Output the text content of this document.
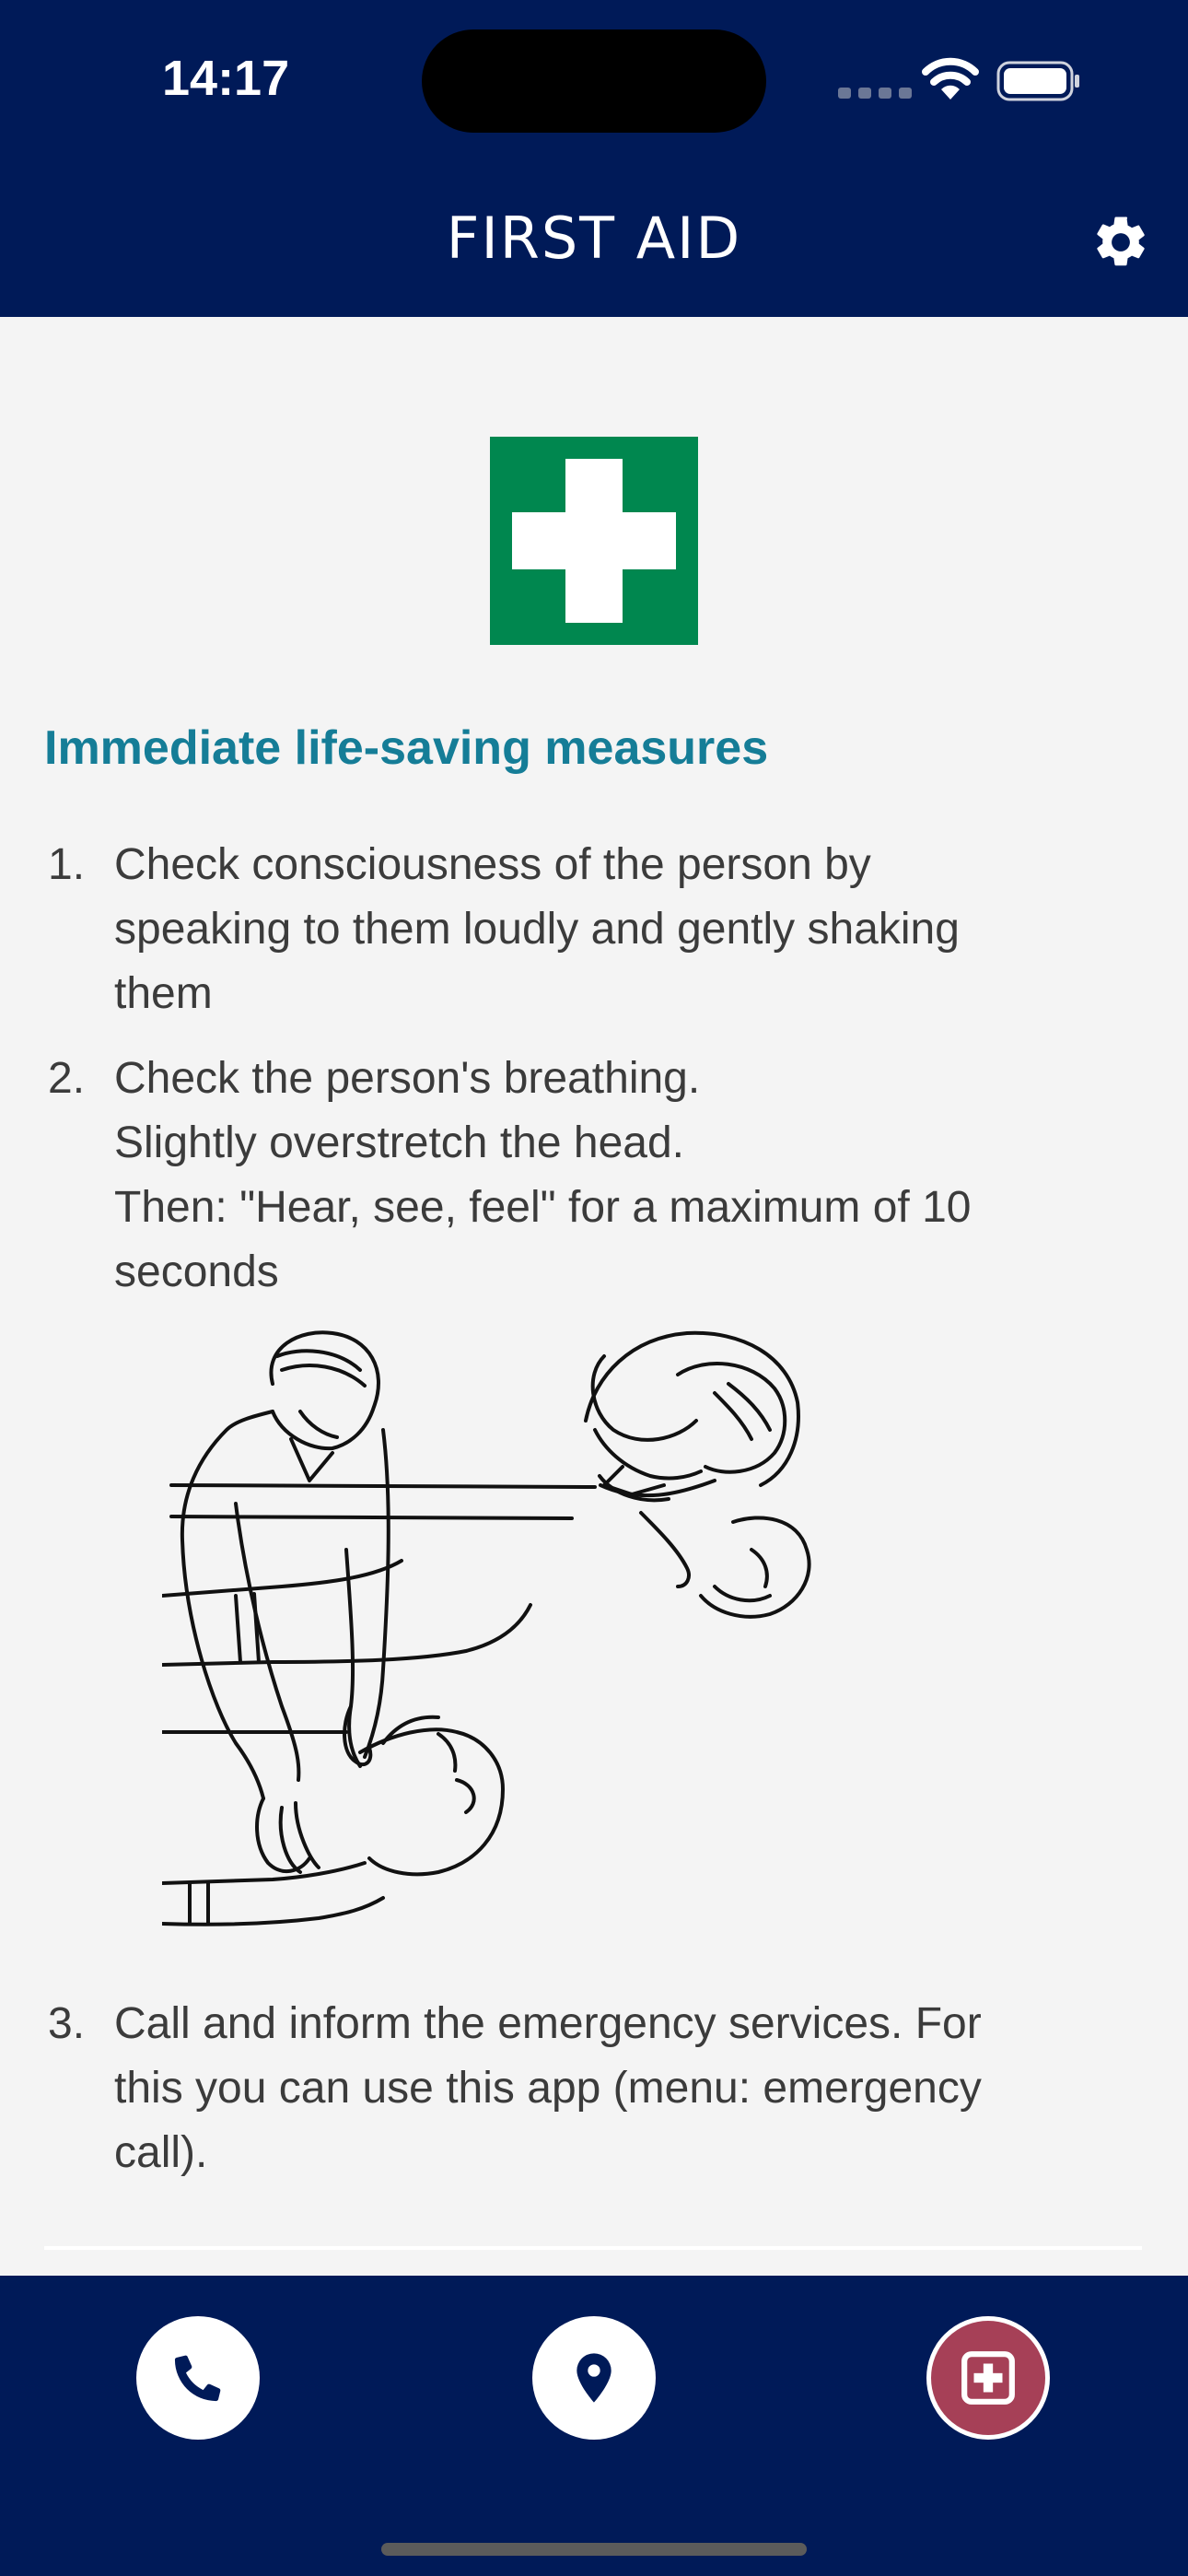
14:17
FIRST AID
Immediate life-saving measures
1. Check consciousness of the person by
speaking to them loudly and gently shaking
them
2. Check the person's breathing.
Slightly overstretch the head.
Then: "Hear, see, feel" for a maximum of 10
seconds
3. Call and inform the emergency services. For
this you can use this app (menu: emergency
call).
